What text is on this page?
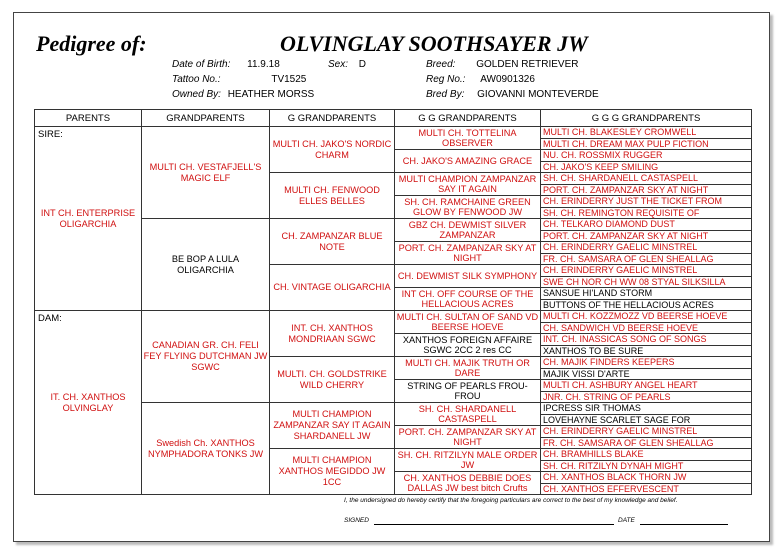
Pedigree of:	OLVINGLAY SOOTHSAYER JW
Date of Birth: 11.9.18	Sex: D	Breed: GOLDEN RETRIEVER
Tattoo No.:	TV1525	Reg No.: AW0901326
Owned By: HEATHER MORSS	Bred By: GIOVANNI MONTEVERDE
PARENTS	GRANDPARENTS	G GRANDPARENTS	G G GRANDPARENTS	G G G GRANDPARENTS

SIRE:
INT CH. ENTERPRISE OLIGARCHIA	MULTI CH. VESTAFJELL'S MAGIC ELF	MULTI CH. JAKO'S NORDIC CHARM	MULTI CH. TOTTELINA OBSERVER	MULTI CH. BLAKESLEY CROMWELL
				MULTI CH. DREAM MAX PULP FICTION
			CH. JAKO'S AMAZING GRACE	NU. CH. ROSSMIX RUGGER
				CH. JAKO'S KEEP SMILING
		MULTI CH. FENWOOD ELLES BELLES	MULTI CHAMPION ZAMPANZAR SAY IT AGAIN	SH. CH. SHARDANELL CASTASPELL
				PORT. CH. ZAMPANZAR SKY AT NIGHT
			SH. CH. RAMCHAINE GREEN GLOW BY FENWOOD JW	CH. ERINDERRY JUST THE TICKET FROM
				SH. CH. REMINGTON REQUISITE OF
	BE BOP A LULA OLIGARCHIA	CH. ZAMPANZAR BLUE NOTE	GBZ CH. DEWMIST SILVER ZAMPANZAR	CH. TELKARO DIAMOND DUST
				PORT. CH. ZAMPANZAR SKY AT NIGHT
			PORT. CH. ZAMPANZAR SKY AT NIGHT	CH. ERINDERRY GAELIC MINSTREL
				FR. CH. SAMSARA OF GLEN SHEALLAG
		CH. VINTAGE OLIGARCHIA	CH. DEWMIST SILK SYMPHONY	CH. ERINDERRY GAELIC MINSTREL
				SWE CH NOR CH WW 08 STYAL SILKSILLA
			INT CH. OFF COURSE OF THE HELLACIOUS ACRES	SANSUE HI'LAND STORM
				BUTTONS OF THE HELLACIOUS ACRES

DAM:
IT. CH. XANTHOS OLVINGLAY	CANADIAN GR. CH. FELI FEY FLYING DUTCHMAN JW SGWC	INT. CH. XANTHOS MONDRIAAN SGWC	MULTI CH. SULTAN OF SAND VD BEERSE HOEVE	MULTI CH. KOZZMOZZ VD BEERSE HOEVE
				CH. SANDWICH VD BEERSE HOEVE
			XANTHOS FOREIGN AFFAIRE SGWC 2CC 2 res CC	INT. CH. INASSICAS SONG OF SONGS
				XANTHOS TO BE SURE
		MULTI. CH. GOLDSTRIKE WILD CHERRY	MULTI CH. MAJIK TRUTH OR DARE	CH. MAJIK FINDERS KEEPERS
				MAJIK VISSI D'ARTE
			STRING OF PEARLS FROU-FROU	MULTI CH. ASHBURY ANGEL HEART
				JNR. CH. STRING OF PEARLS
	Swedish Ch. XANTHOS NYMPHADORA TONKS JW	MULTI CHAMPION ZAMPANZAR SAY IT AGAIN SHARDANELL JW	SH. CH. SHARDANELL CASTASPELL	IPCRESS SIR THOMAS
				LOVEHAYNE SCARLET SAGE FOR
			PORT. CH. ZAMPANZAR SKY AT NIGHT	CH. ERINDERRY GAELIC MINSTREL
				FR. CH. SAMSARA OF GLEN SHEALLAG
		MULTI CHAMPION XANTHOS MEGIDDO JW 1CC	SH. CH. RITZILYN MALE ORDER JW	CH. BRAMHILLS BLAKE
				SH. CH. RITZILYN DYNAH MIGHT
			CH. XANTHOS DEBBIE DOES DALLAS JW best bitch Crufts	CH. XANTHOS BLACK THORN JW
				CH. XANTHOS EFFERVESCENT
I, the undersigned do hereby certify that the foregoing particulars are correct to the best of my knowledge and belief.
SIGNED	DATE
